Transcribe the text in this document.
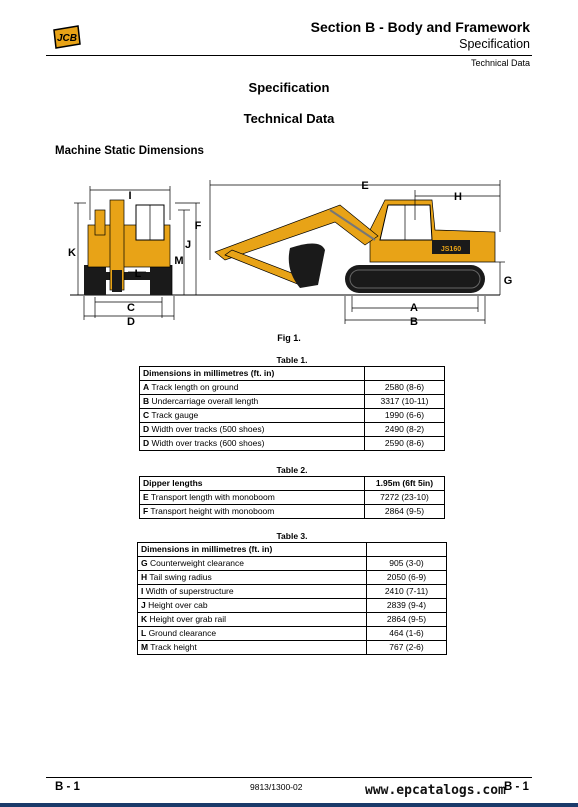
JCB
Section B - Body and Framework
Specification
Technical Data
Specification
Technical Data
Machine Static Dimensions
I
K
F
J
M
L
C
D
JS160
E
H
G
A
B
Fig 1.
Table 1.
Dimensions in millimetres (ft. in)	
A Track length on ground	2580 (8-6)
B Undercarriage overall length	3317 (10-11)
C Track gauge	1990 (6-6)
D Width over tracks (500 shoes)	2490 (8-2)
D Width over tracks (600 shoes)	2590 (8-6)
Table 2.
Dipper lengths	1.95m (6ft 5in)
E Transport length with monoboom	7272 (23-10)
F Transport height with monoboom	2864 (9-5)
Table 3.
Dimensions in millimetres (ft. in)	
G Counterweight clearance	905 (3-0)
H Tail swing radius	2050 (6-9)
I Width of superstructure	2410 (7-11)
J Height over cab	2839 (9-4)
K Height over grab rail	2864 (9-5)
L Ground clearance	464 (1-6)
M Track height	767 (2-6)
B - 1	9813/1300-02	www.epcatalogs.com
B - 1
